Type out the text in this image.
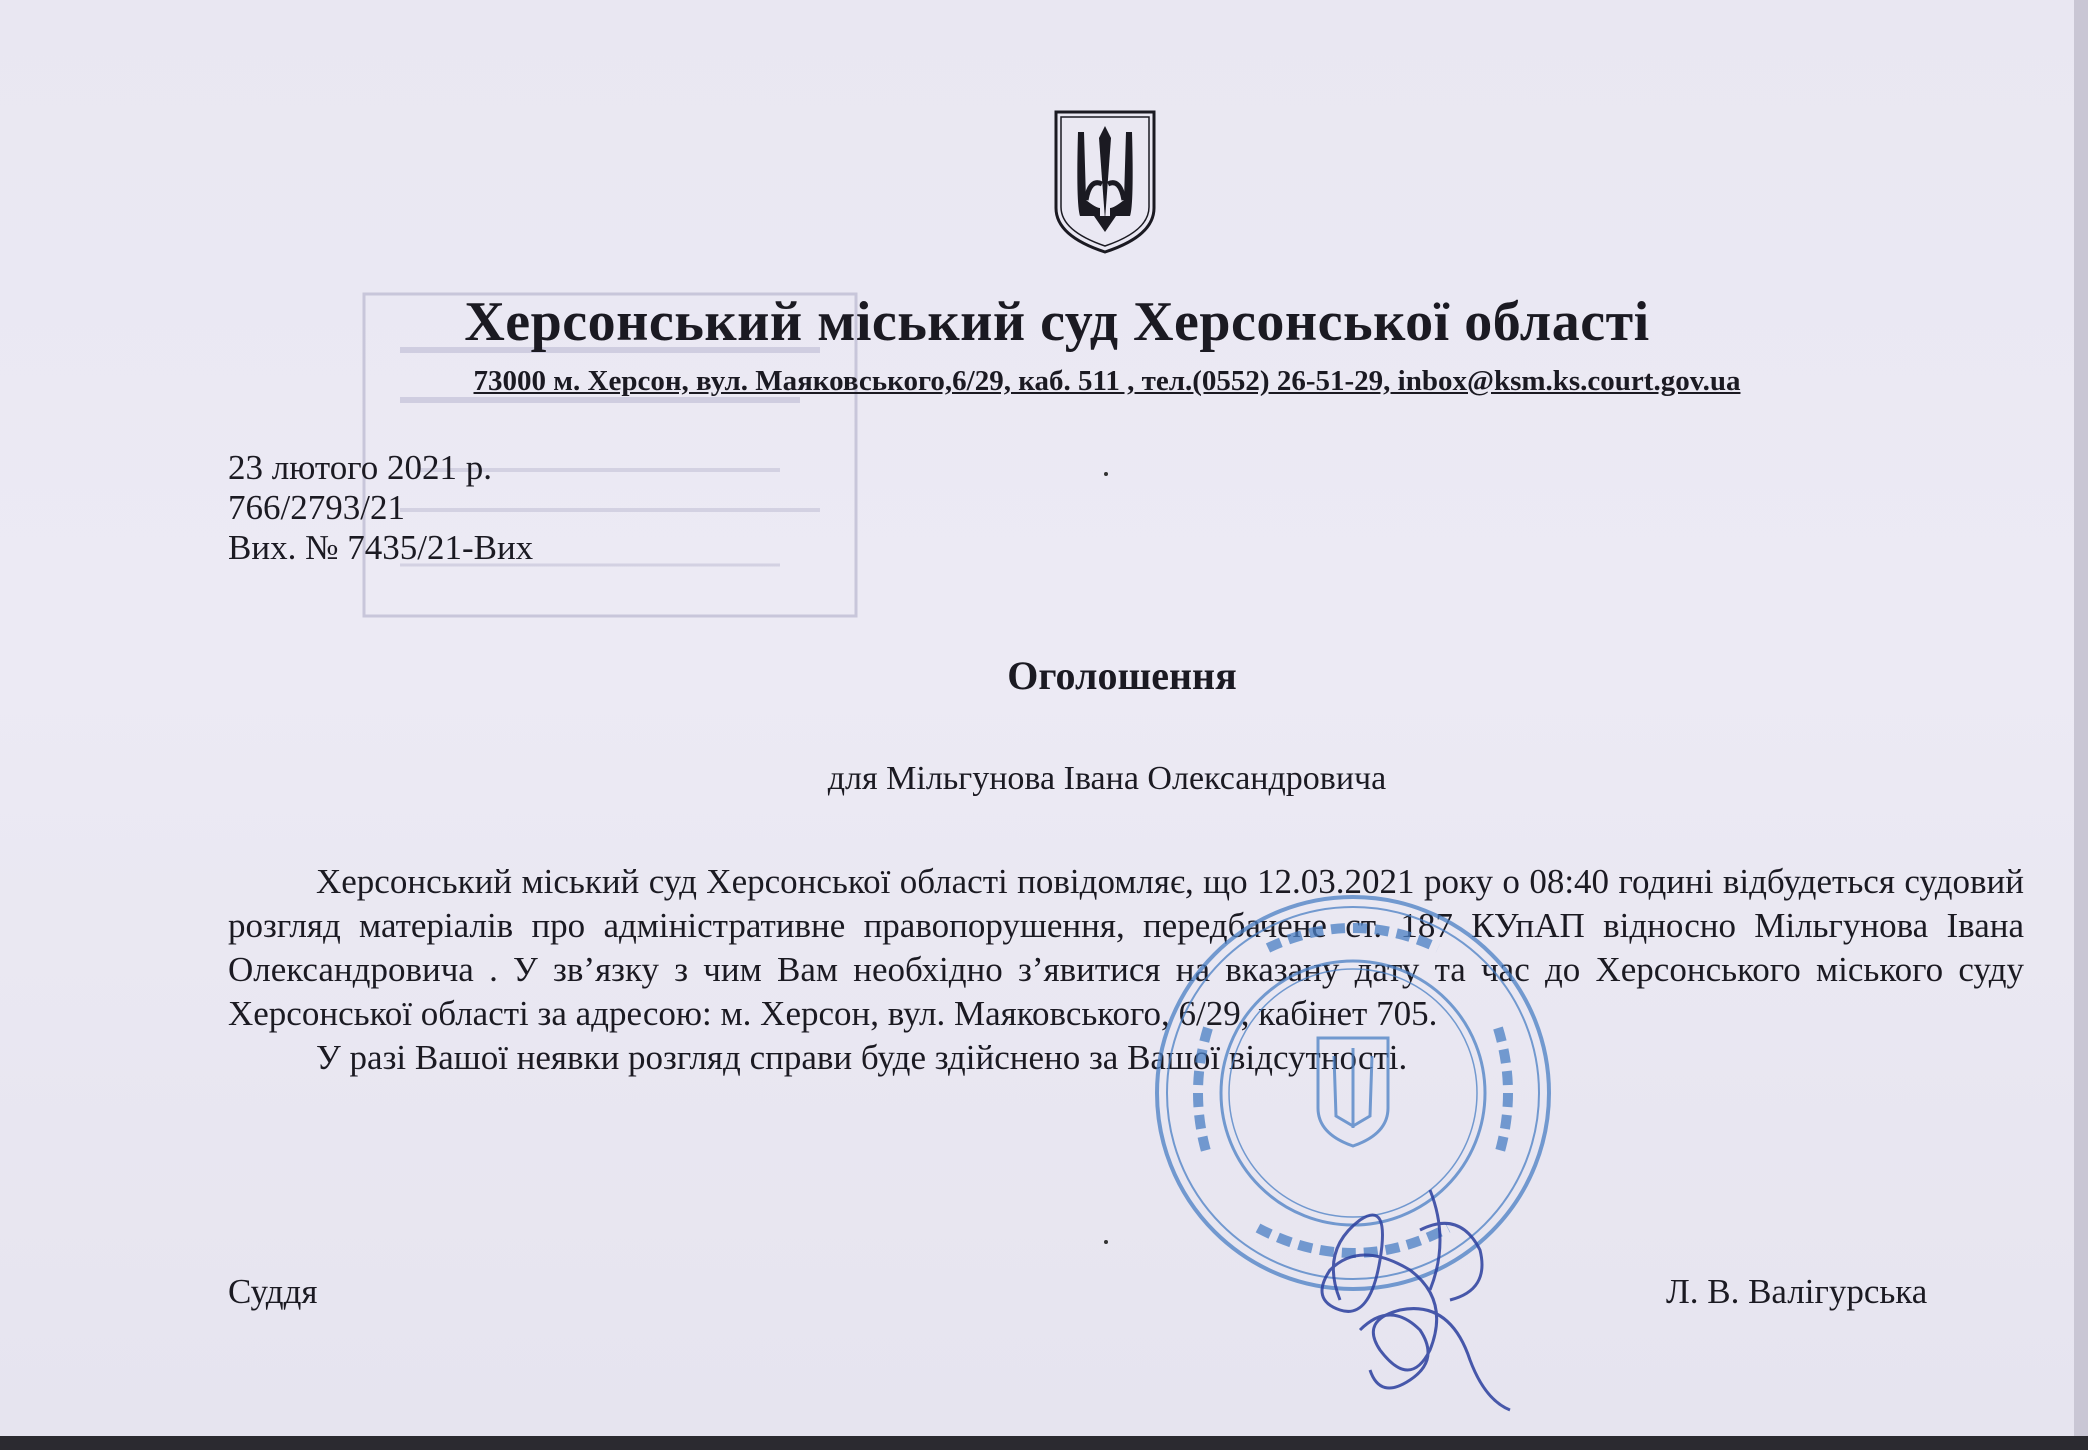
Херсонський міський суд Херсонської області
73000 м. Херсон, вул. Маяковського,6/29, каб. 511 , тел.(0552) 26-51-29, inbox@ksm.ks.court.gov.ua
23 лютого 2021 р.
766/2793/21
Вих. № 7435/21-Вих
Оголошення
для Мільгунова Івана Олександровича

Херсонський міський суд Херсонської області повідомляє, що 12.03.2021 року о 08:40 годині відбудеться судовий розгляд матеріалів про адміністративне правопорушення, передбачене ст. 187 КУпАП відносно Мільгунова Івана Олександровича . У зв’язку з чим Вам необхідно з’явитися на вказану дату та час до Херсонського міського суду Херсонської області за адресою: м. Херсон, вул. Маяковського, 6/29, кабінет 705.

У разі Вашої неявки розгляд справи буде здійснено за Вашої відсутності.

Суддя	Л. В. Валігурська
